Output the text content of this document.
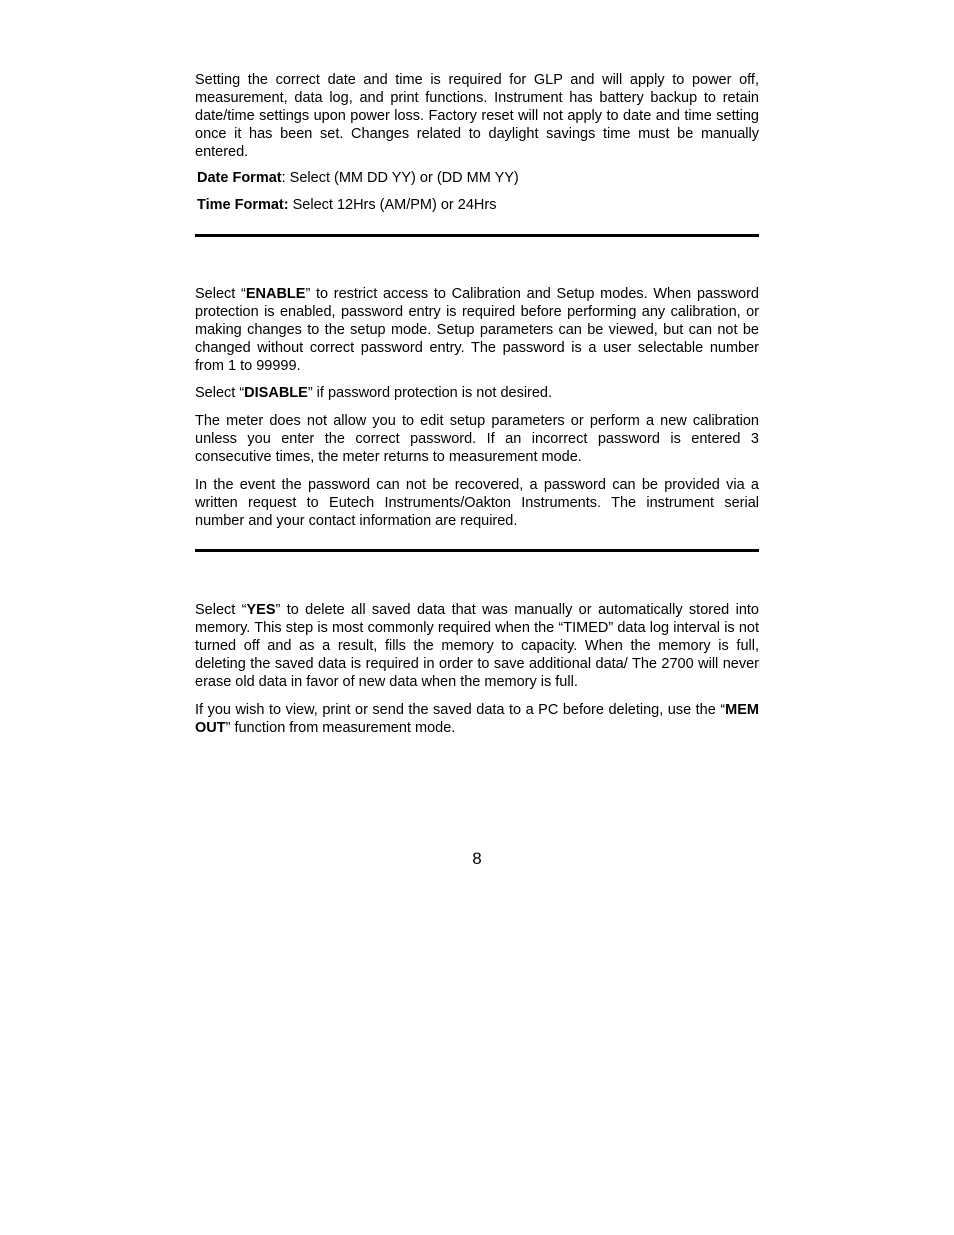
Setting the correct date and time is required for GLP and will apply to power off, measurement, data log, and print functions. Instrument has battery backup to retain date/time settings upon power loss. Factory reset will not apply to date and time setting once it has been set. Changes related to daylight savings time must be manually entered.

Date Format: Select (MM DD YY) or (DD MM YY)
Time Format: Select 12Hrs (AM/PM) or 24Hrs

Select “ENABLE” to restrict access to Calibration and Setup modes. When password protection is enabled, password entry is required before performing any calibration, or making changes to the setup mode. Setup parameters can be viewed, but can not be changed without correct password entry. The password is a user selectable number from 1 to 99999.

Select “DISABLE” if password protection is not desired.

The meter does not allow you to edit setup parameters or perform a new calibration unless you enter the correct password. If an incorrect password is entered 3 consecutive times, the meter returns to measurement mode.

In the event the password can not be recovered, a password can be provided via a written request to Eutech Instruments/Oakton Instruments. The instrument serial number and your contact information are required.

Select “YES” to delete all saved data that was manually or automatically stored into memory. This step is most commonly required when the “TIMED” data log interval is not turned off and as a result, fills the memory to capacity. When the memory is full, deleting the saved data is required in order to save additional data/ The 2700 will never erase old data in favor of new data when the memory is full.

If you wish to view, print or send the saved data to a PC before deleting, use the “MEM OUT” function from measurement mode.

8
